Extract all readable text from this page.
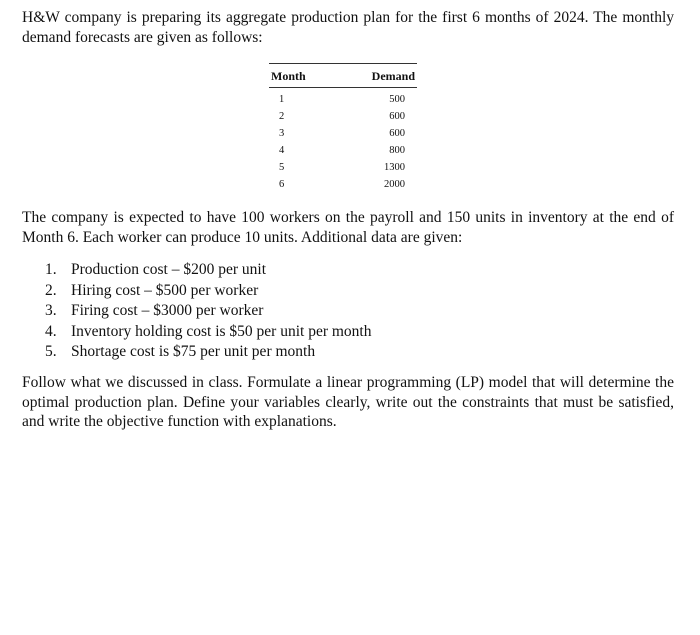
H&W company is preparing its aggregate production plan for the first 6 months of 2024. The monthly demand forecasts are given as follows:

Month	Demand
1	500
2	600
3	600
4	800
5	1300
6	2000

The company is expected to have 100 workers on the payroll and 150 units in inventory at the end of Month 6. Each worker can produce 10 units. Additional data are given:

1. Production cost – $200 per unit
2. Hiring cost – $500 per worker
3. Firing cost – $3000 per worker
4. Inventory holding cost is $50 per unit per month
5. Shortage cost is $75 per unit per month

Follow what we discussed in class. Formulate a linear programming (LP) model that will determine the optimal production plan. Define your variables clearly, write out the constraints that must be satisfied, and write the objective function with explanations.
